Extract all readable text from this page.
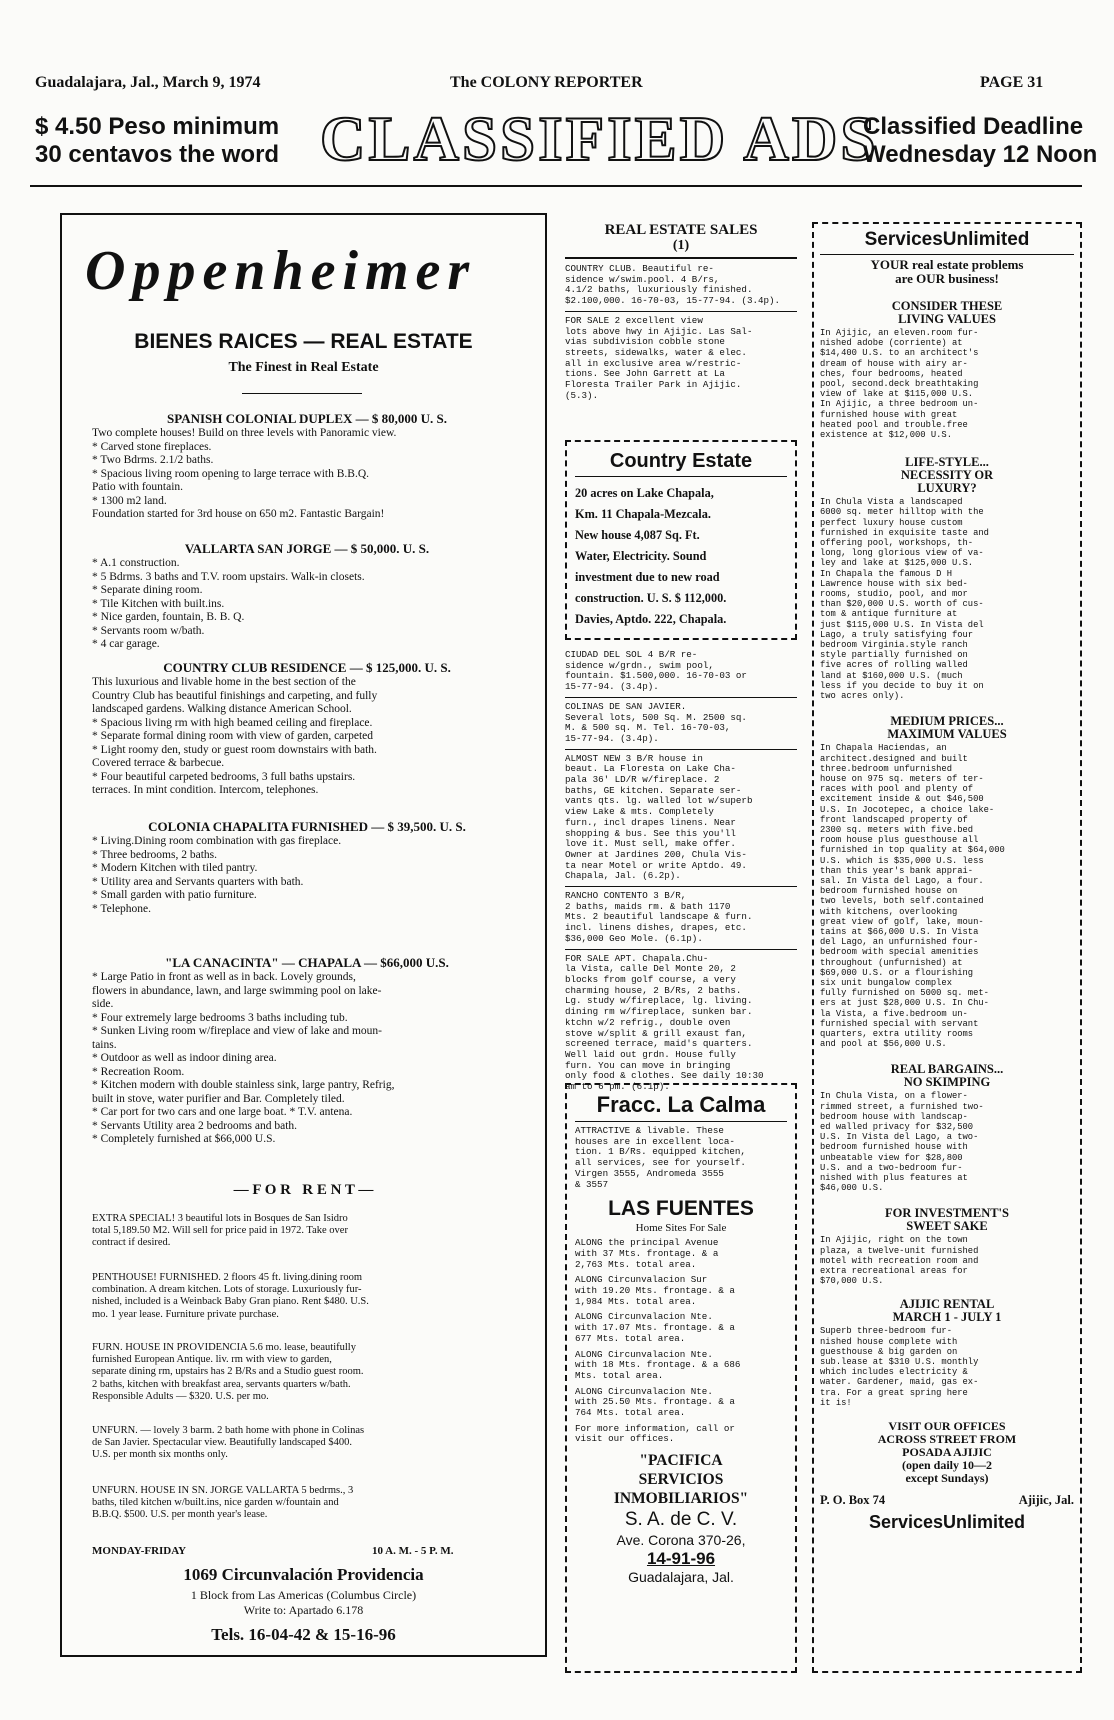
Guadalajara, Jal., March 9, 1974	The COLONY REPORTER	PAGE 31
$ 4.50 Peso minimum
30 centavos the word CLASSIFIED ADS
Classified Deadline
Wednesday 12 Noon
Oppenheimer
BIENES RAICES — REAL ESTATE
The Finest in Real Estate
SPANISH COLONIAL DUPLEX — $ 80,000 U. S.
Two complete houses! Build on three levels with Panoramic view.
* Carved stone fireplaces.
* Two Bdrms. 2.1/2 baths.
* Spacious living room opening to large terrace with B.B.Q.
Patio with fountain.
* 1300 m2 land.
Foundation started for 3rd house on 650 m2. Fantastic Bargain!
VALLARTA SAN JORGE — $ 50,000. U. S.
* A.1 construction.
* 5 Bdrms. 3 baths and T.V. room upstairs. Walk-in closets.
* Separate dining room.
* Tile Kitchen with built.ins.
* Nice garden, fountain, B. B. Q.
* Servants room w/bath.
* 4 car garage.
COUNTRY CLUB RESIDENCE — $ 125,000. U. S.
This luxurious and livable home in the best section of the
Country Club has beautiful finishings and carpeting, and fully
landscaped gardens. Walking distance American School.
* Spacious living rm with high beamed ceiling and fireplace.
* Separate formal dining room with view of garden, carpeted
* Light roomy den, study or guest room downstairs with bath.
Covered terrace & barbecue.
* Four beautiful carpeted bedrooms, 3 full baths upstairs.
terraces. In mint condition. Intercom, telephones.
COLONIA CHAPALITA FURNISHED — $ 39,500. U. S.
* Living.Dining room combination with gas fireplace.
* Three bedrooms, 2 baths.
* Modern Kitchen with tiled pantry.
* Utility area and Servants quarters with bath.
* Small garden with patio furniture.
* Telephone.
"LA CANACINTA" — CHAPALA — $66,000 U.S.
* Large Patio in front as well as in back. Lovely grounds,
flowers in abundance, lawn, and large swimming pool on lake-
side.
* Four extremely large bedrooms 3 baths including tub.
* Sunken Living room w/fireplace and view of lake and moun-
tains.
* Outdoor as well as indoor dining area.
* Recreation Room.
* Kitchen modern with double stainless sink, large pantry, Refrig,
built in stove, water purifier and Bar. Completely tiled.
* Car port for two cars and one large boat. * T.V. antena.
* Servants Utility area 2 bedrooms and bath.
* Completely furnished at $66,000 U.S.
— F O R   R E N T —
EXTRA SPECIAL! 3 beautiful lots in Bosques de San Isidro
total 5,189.50 M2. Will sell for price paid in 1972. Take over
contract if desired.
PENTHOUSE! FURNISHED. 2 floors 45 ft. living.dining room
combination. A dream kitchen. Lots of storage. Luxuriously fur-
nished, included is a Weinback Baby Gran piano. Rent $480. U.S.
mo. 1 year lease. Furniture private purchase.
FURN. HOUSE IN PROVIDENCIA 5.6 mo. lease, beautifully
furnished European Antique. liv. rm with view to garden,
separate dining rm, upstairs has 2 B/Rs and a Studio guest room.
2 baths, kitchen with breakfast area, servants quarters w/bath.
Responsible Adults — $320. U.S. per mo.
UNFURN. — lovely 3 barm. 2 bath home with phone in Colinas
de San Javier. Spectacular view. Beautifully landscaped $400.
U.S. per month six months only.
UNFURN. HOUSE IN SN. JORGE VALLARTA 5 bedrms., 3
baths, tiled kitchen w/built.ins, nice garden w/fountain and
B.B.Q. $500. U.S. per month year's lease.
MONDAY-FRIDAY	10 A. M. - 5 P. M.
1069 Circunvalación Providencia
1 Block from Las Americas (Columbus Circle)
Write to: Apartado 6.178
Tels. 16-04-42 & 15-16-96
REAL ESTATE SALES
(1)
COUNTRY CLUB. Beautiful re-
sidence w/swim.pool. 4 B/rs,
4.1/2 baths, luxuriously finished.
$2.100,000. 16-70-03, 15-77-94. (3.4p).
FOR SALE 2 excellent view
lots above hwy in Ajijic. Las Sal-
vias subdivision cobble stone
streets, sidewalks, water & elec.
all in exclusive area w/restric-
tions. See John Garrett at La
Floresta Trailer Park in Ajijic.
(5.3).
Country Estate
20 acres on Lake Chapala,
Km. 11 Chapala-Mezcala.
New house 4,087 Sq. Ft.
Water, Electricity. Sound
investment due to new road
construction. U. S. $ 112,000.
Davies, Aptdo. 222, Chapala.
CIUDAD DEL SOL 4 B/R re-
sidence w/grdn., swim pool,
fountain. $1.500,000. 16-70-03 or
15-77-94. (3.4p).
COLINAS DE SAN JAVIER.
Several lots, 500 Sq. M. 2500 sq.
M. & 500 sq. M. Tel. 16-70-03,
15-77-94. (3.4p).
ALMOST NEW 3 B/R house in
beaut. La Floresta on Lake Cha-
pala 36' LD/R w/fireplace. 2
baths, GE kitchen. Separate ser-
vants qts. lg. walled lot w/superb
view Lake & mts. Completely
furn., incl drapes linens. Near
shopping & bus. See this you'll
love it. Must sell, make offer.
Owner at Jardines 200, Chula Vis-
ta near Motel or write Aptdo. 49.
Chapala, Jal. (6.2p).
RANCHO CONTENTO 3 B/R,
2 baths, maids rm. & bath 1170
Mts. 2 beautiful landscape & furn.
incl. linens dishes, drapes, etc.
$36,000 Geo Mole. (6.1p).
FOR SALE APT. Chapala.Chu-
la Vista, calle Del Monte 20, 2
blocks from golf course, a very
charming house, 2 B/Rs, 2 baths.
Lg. study w/fireplace, lg. living.
dining rm w/fireplace, sunken bar.
ktchn w/2 refrig., double oven
stove w/split & grill exaust fan,
screened terrace, maid's quarters.
Well laid out grdn. House fully
furn. You can move in bringing
only food & clothes. See daily 10:30
am to 6 pm. (6.1p).
Fracc. La Calma
ATTRACTIVE & livable. These
houses are in excellent loca-
tion. 1 B/Rs. equipped kitchen,
all services, see for yourself.
Virgen 3555, Andromeda 3555
& 3557
LAS FUENTES
Home Sites For Sale
ALONG the principal Avenue
with 37 Mts. frontage. & a
2,763 Mts. total area.
ALONG Circunvalacion Sur
with 19.20 Mts. frontage. & a
1,984 Mts. total area.
ALONG Circunvalacion Nte.
with 17.07 Mts. frontage. & a
677 Mts. total area.
ALONG Circunvalacion Nte.
with 18 Mts. frontage. & a 686
Mts. total area.
ALONG Circunvalacion Nte.
with 25.50 Mts. frontage. & a
764 Mts. total area.
For more information, call or
visit our offices.
"PACIFICA
SERVICIOS
INMOBILIARIOS"
S. A. de C. V.
Ave. Corona 370-26,
14-91-96
Guadalajara, Jal.
ServicesUnlimited
YOUR real estate problems
are OUR business!
CONSIDER THESE
LIVING VALUES
In Ajijic, an eleven.room fur-
nished adobe (corriente) at
$14,400 U.S. to an architect's
dream of house with airy ar-
ches, four bedrooms, heated
pool, second.deck breathtaking
view of lake at $115,000 U.S.
In Ajijic, a three bedroom un-
furnished house with great
heated pool and trouble.free
existence at $12,000 U.S.
LIFE-STYLE...
NECESSITY OR
LUXURY?
In Chula Vista a landscaped
6000 sq. meter hilltop with the
perfect luxury house custom
furnished in exquisite taste and
offering pool, workshops, th-
long, long glorious view of va-
ley and lake at $125,000 U.S.
In Chapala the famous D H
Lawrence house with six bed-
rooms, studio, pool, and mor
than $20,000 U.S. worth of cus-
tom & antique furniture at
just $115,000 U.S. In Vista del
Lago, a truly satisfying four
bedroom Virginia.style ranch
style partially furnished on
five acres of rolling walled
land at $160,000 U.S. (much
less if you decide to buy it on
two acres only).
MEDIUM PRICES...
MAXIMUM VALUES
In Chapala Haciendas, an
architect.designed and built
three.bedroom unfurnished
house on 975 sq. meters of ter-
races with pool and plenty of
excitement inside & out $46,500
U.S. In Jocotepec, a choice lake-
front landscaped property of
2300 sq. meters with five.bed
room house plus guesthouse all
furnished in top quality at $64,000
U.S. which is $35,000 U.S. less
than this year's bank apprai-
sal. In Vista del Lago, a four.
bedroom furnished house on
two levels, both self.contained
with kitchens, overlooking
great view of golf, lake, moun-
tains at $66,000 U.S. In Vista
del Lago, an unfurnished four-
bedroom with special amenities
throughout (unfurnished) at
$69,000 U.S. or a flourishing
six unit bungalow complex
fully furnished on 5000 sq. met-
ers at just $28,000 U.S. In Chu-
la Vista, a five.bedroom un-
furnished special with servant
quarters, extra utility rooms
and pool at $56,000 U.S.
REAL BARGAINS...
NO SKIMPING
In Chula Vista, on a flower-
rimmed street, a furnished two-
bedroom house with landscap-
ed walled privacy for $32,500
U.S. In Vista del Lago, a two-
bedroom furnished house with
unbeatable view for $28,800
U.S. and a two-bedroom fur-
nished with plus features at
$46,000 U.S.
FOR INVESTMENT'S
SWEET SAKE
In Ajijic, right on the town
plaza, a twelve-unit furnished
motel with recreation room and
extra recreational areas for
$70,000 U.S.
AJIJIC RENTAL
MARCH 1 - JULY 1
Superb three-bedroom fur-
nished house complete with
guesthouse & big garden on
sub.lease at $310 U.S. monthly
which includes electricity &
water. Gardener, maid, gas ex-
tra. For a great spring here
it is!
VISIT OUR OFFICES
ACROSS STREET FROM
POSADA AJIJIC
(open daily 10—2
except Sundays)
P. O. Box 74	Ajijic, Jal.
ServicesUnlimited
